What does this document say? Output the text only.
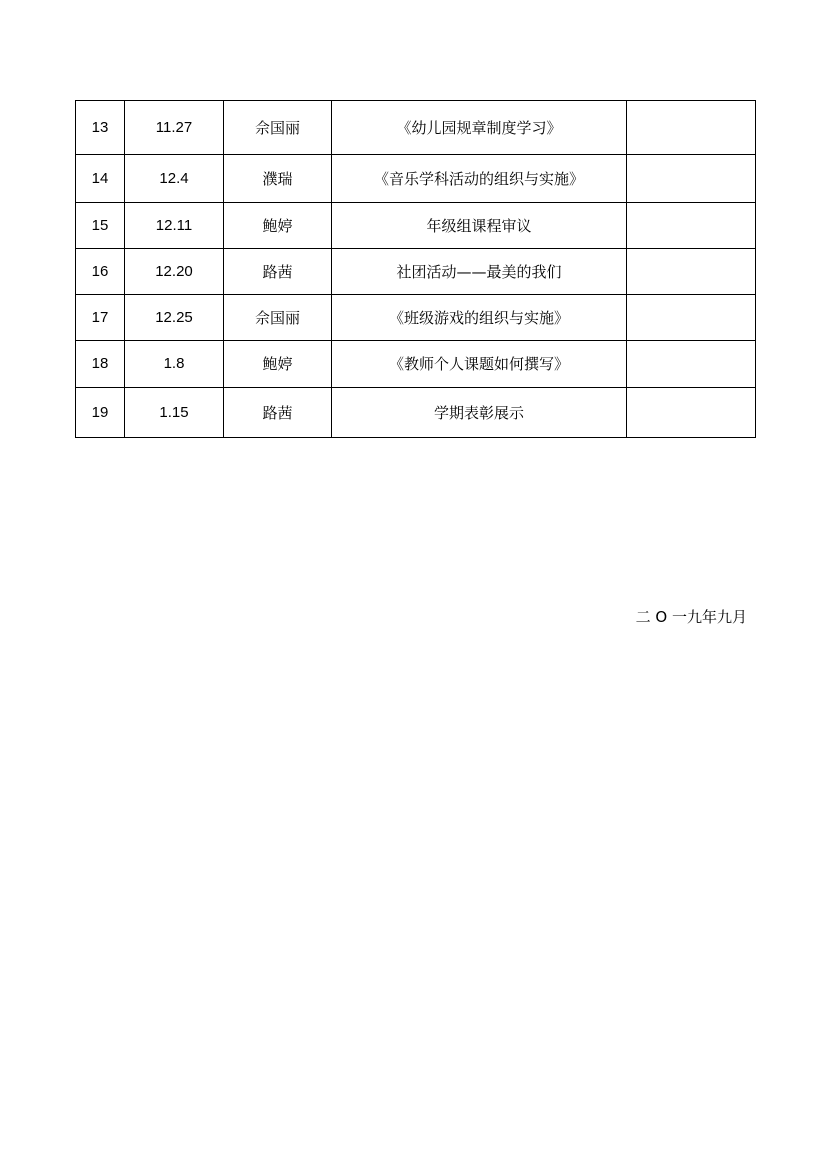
13	11.27	佘国丽	《幼儿园规章制度学习》	
14	12.4	濮瑞	《音乐学科活动的组织与实施》	
15	12.11	鲍婷	年级组课程审议	
16	12.20	路茜	社团活动——最美的我们	
17	12.25	佘国丽	《班级游戏的组织与实施》	
18	1.8	鲍婷	《教师个人课题如何撰写》	
19	1.15	路茜	学期表彰展示	
二 O 一九年九月
